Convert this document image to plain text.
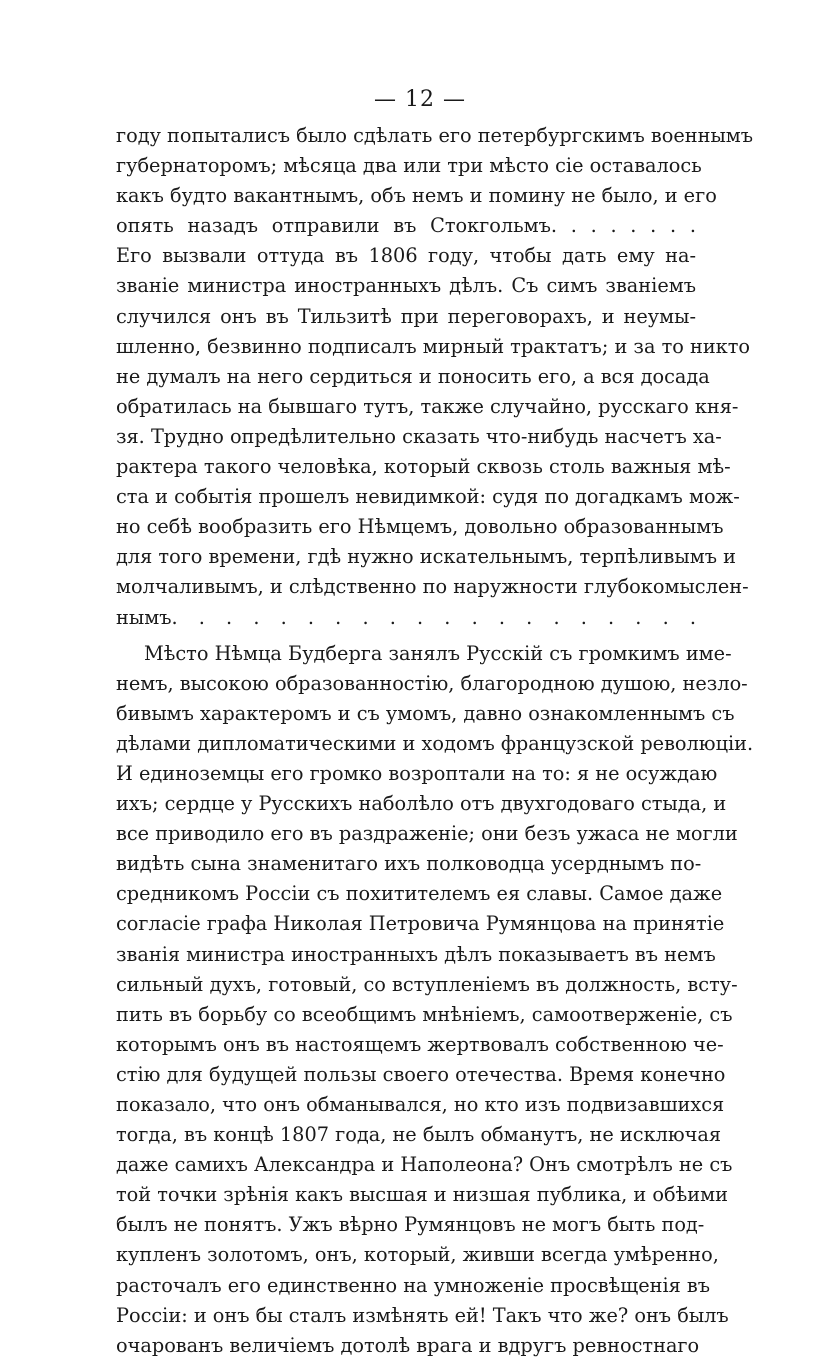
— 12 —
году попыталисъ было сдѣлать его петербургскимъ военнымъ
губернаторомъ; мѣсяца два или три мѣсто сіе оставалось
какъ будто вакантнымъ, объ немъ и помину не было, и его
опять назадъ отправили въ Стокгольмъ. . . . . . . .
Его вызвали оттуда въ 1806 году, чтобы дать ему на-
званіе министра иностранныхъ дѣлъ. Съ симъ званіемъ
случился онъ въ Тильзитѣ при переговорахъ, и неумы-
шленно, безвинно подписалъ мирный трактатъ; и за то никто
не думалъ на него сердиться и поносить его, а вся досада
обратилась на бывшаго тутъ, также случайно, русскаго кня-
зя. Трудно опредѣлительно сказать что-нибудь насчетъ ха-
рактера такого человѣка, который сквозь столь важныя мѣ-
ста и событія прошелъ невидимкой: судя по догадкамъ мож-
но себѣ вообразить его Нѣмцемъ, довольно образованнымъ
для того времени, гдѣ нужно искательнымъ, терпѣливымъ и
молчаливымъ, и слѣдственно по наружности глубокомыслен-
нымъ. . . . . . . . . . . . . . . . . . . .
Мѣсто Нѣмца Будберга занялъ Русскій съ громкимъ име-
немъ, высокою образованностію, благородною душою, незло-
бивымъ характеромъ и съ умомъ, давно ознакомленнымъ съ
дѣлами дипломатическими и ходомъ французской революціи.
И единоземцы его громко возроптали на то: я не осуждаю
ихъ; сердце у Русскихъ наболѣло отъ двухгодоваго стыда, и
все приводило его въ раздраженіе; они безъ ужаса не могли
видѣть сына знаменитаго ихъ полководца усерднымъ по-
средникомъ Россіи съ похитителемъ ея славы. Самое даже
согласіе графа Николая Петровича Румянцова на принятіе
званія министра иностранныхъ дѣлъ показываетъ въ немъ
сильный духъ, готовый, со вступленіемъ въ должность, всту-
пить въ борьбу со всеобщимъ мнѣніемъ, самоотверженіе, съ
которымъ онъ въ настоящемъ жертвовалъ собственною че-
стію для будущей пользы своего отечества. Время конечно
показало, что онъ обманывался, но кто изъ подвизавшихся
тогда, въ концѣ 1807 года, не былъ обманутъ, не исключая
даже самихъ Александра и Наполеона? Онъ смотрѣлъ не съ
той точки зрѣнія какъ высшая и низшая публика, и обѣими
былъ не понятъ. Ужъ вѣрно Румянцовъ не могъ быть под-
купленъ золотомъ, онъ, который, живши всегда умѣренно,
расточалъ его единственно на умноженіе просвѣщенія въ
Россіи: и онъ бы сталъ измѣнять ей! Такъ что же? онъ былъ
очарованъ величіемъ дотолѣ врага и вдругъ ревностнаго
